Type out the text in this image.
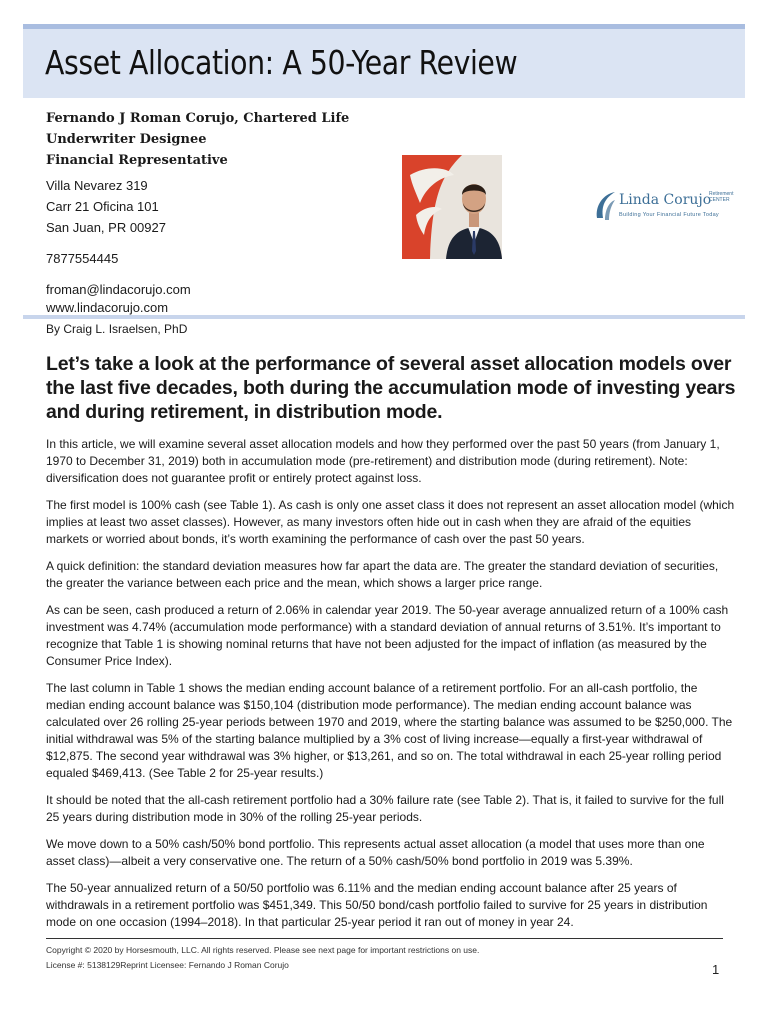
Asset Allocation: A 50-Year Review
Fernando J Roman Corujo, Chartered Life
Underwriter Designee
Financial Representative
Villa Nevarez 319
Carr 21 Oficina 101
San Juan, PR 00927
7877554445
froman@lindacorujo.com
www.lindacorujo.com
Linda Corujo
Retirement CENTER
Building Your Financial Future Today
By Craig L. Israelsen, PhD
Let’s take a look at the performance of several asset allocation models over the last five decades, both during the accumulation mode of investing years and during retirement, in distribution mode.

In this article, we will examine several asset allocation models and how they performed over the past 50 years (from January 1, 1970 to December 31, 2019) both in accumulation mode (pre-retirement) and distribution mode (during retirement). Note: diversification does not guarantee profit or entirely protect against loss.

The first model is 100% cash (see Table 1). As cash is only one asset class it does not represent an asset allocation model (which implies at least two asset classes). However, as many investors often hide out in cash when they are afraid of the equities markets or worried about bonds, it’s worth examining the performance of cash over the past 50 years.

A quick definition: the standard deviation measures how far apart the data are. The greater the standard deviation of securities, the greater the variance between each price and the mean, which shows a larger price range.

As can be seen, cash produced a return of 2.06% in calendar year 2019. The 50-year average annualized return of a 100% cash investment was 4.74% (accumulation mode performance) with a standard deviation of annual returns of 3.51%. It’s important to recognize that Table 1 is showing nominal returns that have not been adjusted for the impact of inflation (as measured by the Consumer Price Index).

The last column in Table 1 shows the median ending account balance of a retirement portfolio. For an all-cash portfolio, the median ending account balance was $150,104 (distribution mode performance). The median ending account balance was calculated over 26 rolling 25-year periods between 1970 and 2019, where the starting balance was assumed to be $250,000. The initial withdrawal was 5% of the starting balance multiplied by a 3% cost of living increase—equally a first-year withdrawal of $12,875. The second year withdrawal was 3% higher, or $13,261, and so on. The total withdrawal in each 25-year rolling period equaled $469,413. (See Table 2 for 25-year results.)

It should be noted that the all-cash retirement portfolio had a 30% failure rate (see Table 2). That is, it failed to survive for the full 25 years during distribution mode in 30% of the rolling 25-year periods.

We move down to a 50% cash/50% bond portfolio. This represents actual asset allocation (a model that uses more than one asset class)—albeit a very conservative one. The return of a 50% cash/50% bond portfolio in 2019 was 5.39%.

The 50-year annualized return of a 50/50 portfolio was 6.11% and the median ending account balance after 25 years of withdrawals in a retirement portfolio was $451,349. This 50/50 bond/cash portfolio failed to survive for 25 years in distribution mode on one occasion (1994–2018). In that particular 25-year period it ran out of money in year 24.

Copyright © 2020 by Horsesmouth, LLC. All rights reserved. Please see next page for important restrictions on use.
License #: 5138129Reprint Licensee: Fernando J Roman Corujo	1
